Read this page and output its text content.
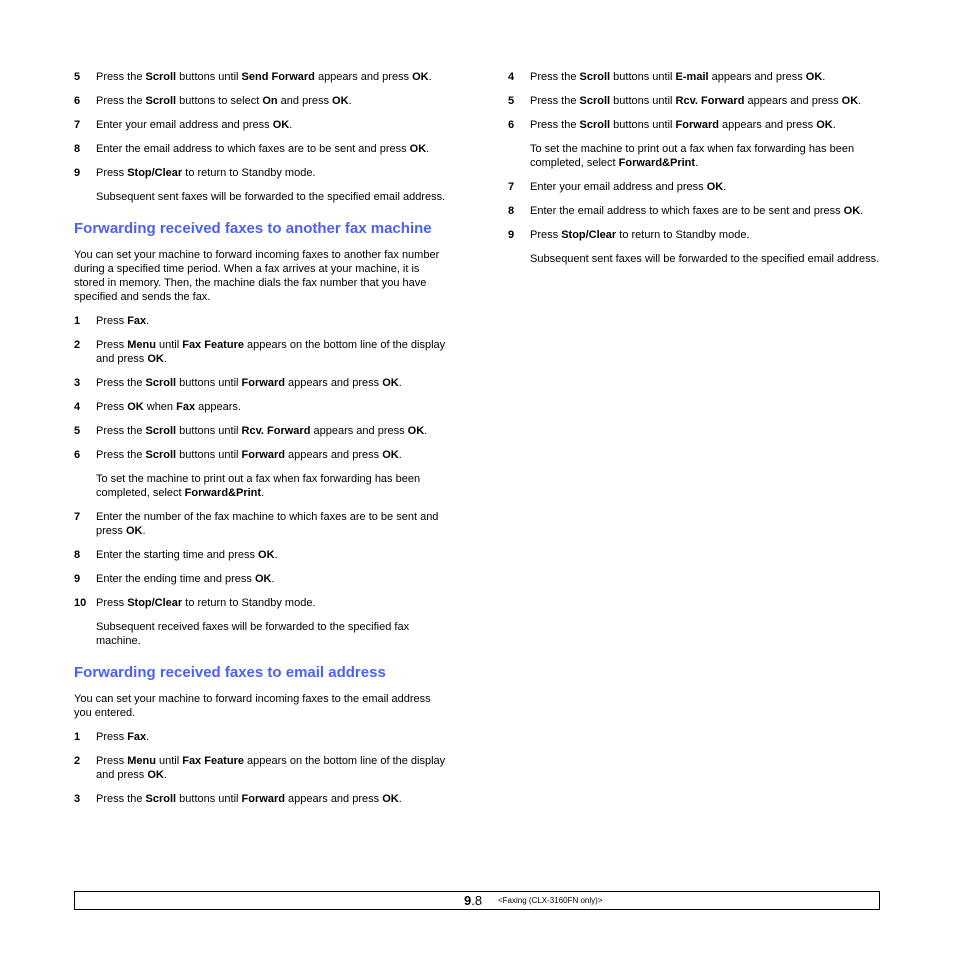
5 Press the Scroll buttons until Send Forward appears and press OK.
6 Press the Scroll buttons to select On and press OK.
7 Enter your email address and press OK.
8 Enter the email address to which faxes are to be sent and press OK.
9 Press Stop/Clear to return to Standby mode.
Subsequent sent faxes will be forwarded to the specified email address.
Forwarding received faxes to another fax machine
You can set your machine to forward incoming faxes to another fax number during a specified time period. When a fax arrives at your machine, it is stored in memory. Then, the machine dials the fax number that you have specified and sends the fax.
1 Press Fax.
2 Press Menu until Fax Feature appears on the bottom line of the display and press OK.
3 Press the Scroll buttons until Forward appears and press OK.
4 Press OK when Fax appears.
5 Press the Scroll buttons until Rcv. Forward appears and press OK.
6 Press the Scroll buttons until Forward appears and press OK.
To set the machine to print out a fax when fax forwarding has been completed, select Forward&Print.
7 Enter the number of the fax machine to which faxes are to be sent and press OK.
8 Enter the starting time and press OK.
9 Enter the ending time and press OK.
10 Press Stop/Clear to return to Standby mode.
Subsequent received faxes will be forwarded to the specified fax machine.
Forwarding received faxes to email address
You can set your machine to forward incoming faxes to the email address you entered.
1 Press Fax.
2 Press Menu until Fax Feature appears on the bottom line of the display and press OK.
3 Press the Scroll buttons until Forward appears and press OK.
4 Press the Scroll buttons until E-mail appears and press OK.
5 Press the Scroll buttons until Rcv. Forward appears and press OK.
6 Press the Scroll buttons until Forward appears and press OK.
To set the machine to print out a fax when fax forwarding has been completed, select Forward&Print.
7 Enter your email address and press OK.
8 Enter the email address to which faxes are to be sent and press OK.
9 Press Stop/Clear to return to Standby mode.
Subsequent sent faxes will be forwarded to the specified email address.
9.8 <Faxing (CLX-3160FN only)>
